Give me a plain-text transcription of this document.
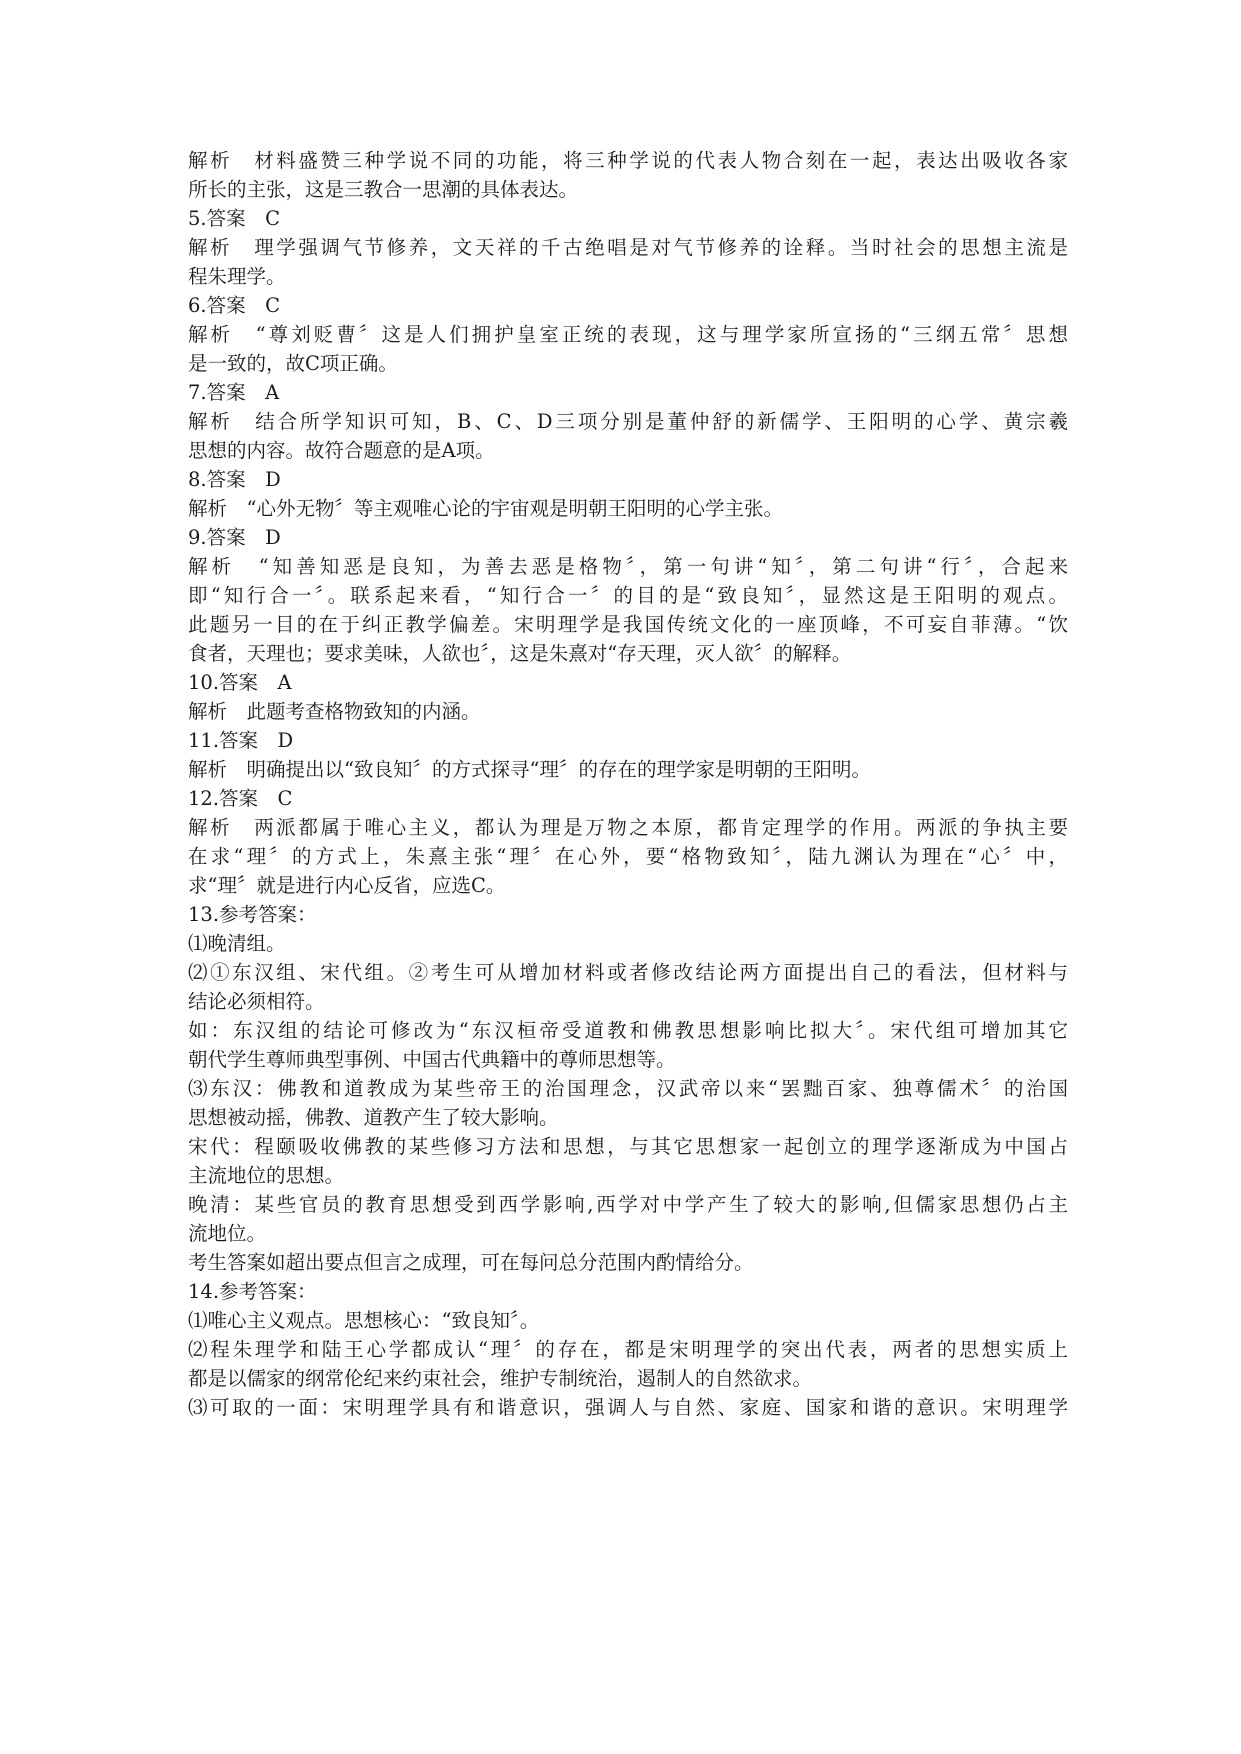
解析　材料盛赞三种学说不同的功能，将三种学说的代表人物合刻在一起，表达出吸收各家
所长的主张，这是三教合一思潮的具体表达。
5.答案　C
解析　理学强调气节修养，文天祥的千古绝唱是对气节修养的诠释。当时社会的思想主流是
程朱理学。
6.答案　C
解析　“尊刘贬曹〞这是人们拥护皇室正统的表现，这与理学家所宣扬的“三纲五常〞思想
是一致的，故C项正确。
7.答案　A
解析　结合所学知识可知，B、C、D三项分别是董仲舒的新儒学、王阳明的心学、黄宗羲
思想的内容。故符合题意的是A项。
8.答案　D
解析　“心外无物〞等主观唯心论的宇宙观是明朝王阳明的心学主张。
9.答案　D
解析　“知善知恶是良知，为善去恶是格物〞，第一句讲“知〞，第二句讲“行〞，合起来
即“知行合一〞。联系起来看，“知行合一〞的目的是“致良知〞，显然这是王阳明的观点。
此题另一目的在于纠正教学偏差。宋明理学是我国传统文化的一座顶峰，不可妄自菲薄。“饮
食者，天理也；要求美味，人欲也〞，这是朱熹对“存天理，灭人欲〞的解释。
10.答案　A
解析　此题考查格物致知的内涵。
11.答案　D
解析　明确提出以“致良知〞的方式探寻“理〞的存在的理学家是明朝的王阳明。
12.答案　C
解析　两派都属于唯心主义，都认为理是万物之本原，都肯定理学的作用。两派的争执主要
在求“理〞的方式上，朱熹主张“理〞在心外，要“格物致知〞，陆九渊认为理在“心〞中，
求“理〞就是进行内心反省，应选C。
13.参考答案：
⑴晚清组。
⑵①东汉组、宋代组。②考生可从增加材料或者修改结论两方面提出自己的看法，但材料与
结论必须相符。
如：东汉组的结论可修改为“东汉桓帝受道教和佛教思想影响比拟大〞。宋代组可增加其它
朝代学生尊师典型事例、中国古代典籍中的尊师思想等。
⑶东汉：佛教和道教成为某些帝王的治国理念，汉武帝以来“罢黜百家、独尊儒术〞的治国
思想被动摇，佛教、道教产生了较大影响。
宋代：程颐吸收佛教的某些修习方法和思想，与其它思想家一起创立的理学逐渐成为中国占
主流地位的思想。
晚清：某些官员的教育思想受到西学影响,西学对中学产生了较大的影响,但儒家思想仍占主
流地位。
考生答案如超出要点但言之成理，可在每问总分范围内酌情给分。
14.参考答案：
⑴唯心主义观点。思想核心：“致良知〞。
⑵程朱理学和陆王心学都成认“理〞的存在，都是宋明理学的突出代表，两者的思想实质上
都是以儒家的纲常伦纪来约束社会，维护专制统治，遏制人的自然欲求。
⑶可取的一面：宋明理学具有和谐意识，强调人与自然、家庭、国家和谐的意识。宋明理学
